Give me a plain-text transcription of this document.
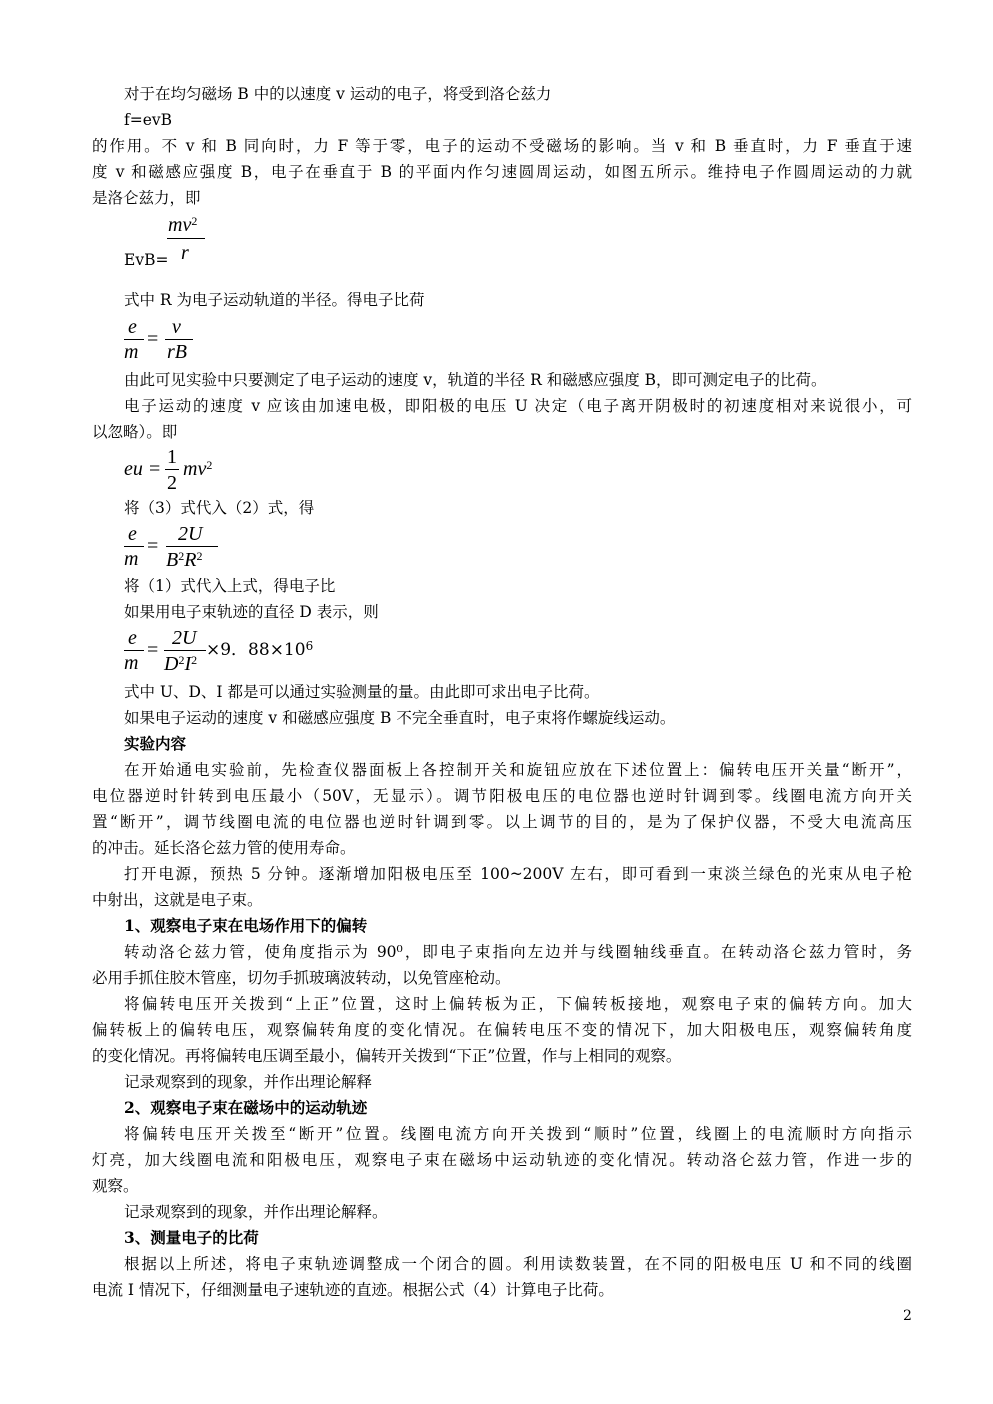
对于在均匀磁场 B 中的以速度 v 运动的电子，将受到洛仑兹力
f=evB
的作用。不 v 和 B 同向时，力 F 等于零，电子的运动不受磁场的影响。当 v 和 B 垂直时，力 F 垂直于速
度 v 和磁感应强度 B，电子在垂直于 B 的平面内作匀速圆周运动，如图五所示。维持电子作圆周运动的力就
是洛仑兹力，即
EvB=
$mv^2$
r
式中 R 为电子运动轨道的半径。得电子比荷
e
m
=
v
rB
由此可见实验中只要测定了电子运动的速度 v，轨道的半径 R 和磁感应强度 B，即可测定电子的比荷。
电子运动的速度 v 应该由加速电极，即阳极的电压 U 决定（电子离开阴极时的初速度相对来说很小，可
以忽略）。即
eu =
1
2
$mv^2$
将（3）式代入（2）式，得
e
m
=
2U
$B^2R^2$
将（1）式代入上式，得电子比
如果用电子束轨迹的直径 D 表示，则
e
m
=
2U
$D^2I^2 \times 9$．$88\times 10^6$
式中 U、D、I 都是可以通过实验测量的量。由此即可求出电子比荷。
如果电子运动的速度 v 和磁感应强度 B 不完全垂直时，电子束将作螺旋线运动。
实验内容
在开始通电实验前，先检查仪器面板上各控制开关和旋钮应放在下述位置上：偏转电压开关量“断开”，
电位器逆时针转到电压最小（50V，无显示）。调节阳极电压的电位器也逆时针调到零。线圈电流方向开关
置“断开”，调节线圈电流的电位器也逆时针调到零。以上调节的目的，是为了保护仪器，不受大电流高压
的冲击。延长洛仑兹力管的使用寿命。
打开电源，预热 5 分钟。逐渐增加阳极电压至 100~200V 左右，即可看到一束淡兰绿色的光束从电子枪
中射出，这就是电子束。
1、观察电子束在电场作用下的偏转
转动洛仑兹力管，使角度指示为 90⁰，即电子束指向左边并与线圈轴线垂直。在转动洛仑兹力管时，务
必用手抓住胶木管座，切勿手抓玻璃波转动，以免管座枪动。
将偏转电压开关拨到“上正”位置，这时上偏转板为正，下偏转板接地，观察电子束的偏转方向。加大
偏转板上的偏转电压，观察偏转角度的变化情况。在偏转电压不变的情况下，加大阳极电压，观察偏转角度
的变化情况。再将偏转电压调至最小，偏转开关拨到“下正”位置，作与上相同的观察。
记录观察到的现象，并作出理论解释
2、观察电子束在磁场中的运动轨迹
将偏转电压开关拨至“断开”位置。线圈电流方向开关拨到“顺时”位置，线圈上的电流顺时方向指示
灯亮，加大线圈电流和阳极电压，观察电子束在磁场中运动轨迹的变化情况。转动洛仑兹力管，作进一步的
观察。
记录观察到的现象，并作出理论解释。
3、测量电子的比荷
根据以上所述，将电子束轨迹调整成一个闭合的圆。利用读数装置，在不同的阳极电压 U 和不同的线圈
电流 I 情况下，仔细测量电子速轨迹的直迹。根据公式（4）计算电子比荷。
2
